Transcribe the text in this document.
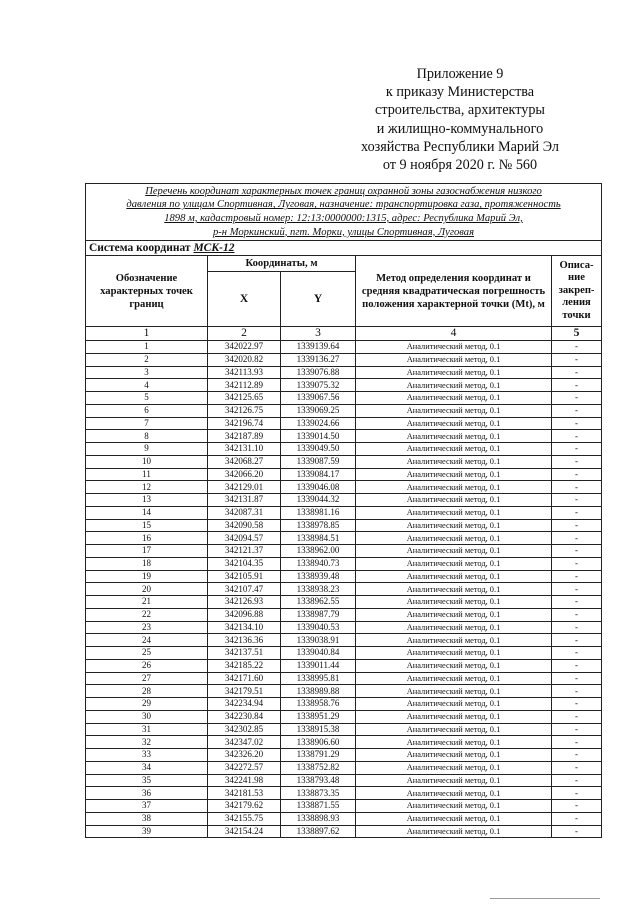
Приложение 9
к приказу Министерства
строительства, архитектуры
и жилищно-коммунального
хозяйства Республики Марий Эл
от 9 ноября 2020 г. № 560
Перечень координат характерных точек границ охранной зоны газоснабжения низкого
давления по улицам Спортивная, Луговая, назначение: транспортировка газа, протяженность
1898 м, кадастровый номер: 12:13:0000000:1315, адрес: Республика Марий Эл,
р-н Моркинский, пгт. Морки, улицы Спортивная, Луговая				

Система координат МСК-12				
Обозначение характерных точек границ	Координаты, м		Метод определения координат и средняя квадратическая погрешность положения характерной точки (Mt), м	Описа-
ние
закреп-
ления
точки

	X	Y		
1	2	3	4	5
1	342022.97	1339139.64	Аналитический метод, 0.1	-
2	342020.82	1339136.27	Аналитический метод, 0.1	-
3	342113.93	1339076.88	Аналитический метод, 0.1	-
4	342112.89	1339075.32	Аналитический метод, 0.1	-
5	342125.65	1339067.56	Аналитический метод, 0.1	-
6	342126.75	1339069.25	Аналитический метод, 0.1	-
7	342196.74	1339024.66	Аналитический метод, 0.1	-
8	342187.89	1339014.50	Аналитический метод, 0.1	-
9	342131.10	1339049.50	Аналитический метод, 0.1	-
10	342068.27	1339087.59	Аналитический метод, 0.1	-
11	342066.20	1339084.17	Аналитический метод, 0.1	-
12	342129.01	1339046.08	Аналитический метод, 0.1	-
13	342131.87	1339044.32	Аналитический метод, 0.1	-
14	342087.31	1338981.16	Аналитический метод, 0.1	-
15	342090.58	1338978.85	Аналитический метод, 0.1	-
16	342094.57	1338984.51	Аналитический метод, 0.1	-
17	342121.37	1338962.00	Аналитический метод, 0.1	-
18	342104.35	1338940.73	Аналитический метод, 0.1	-
19	342105.91	1338939.48	Аналитический метод, 0.1	-
20	342107.47	1338938.23	Аналитический метод, 0.1	-
21	342126.93	1338962.55	Аналитический метод, 0.1	-
22	342096.88	1338987.79	Аналитический метод, 0.1	-
23	342134.10	1339040.53	Аналитический метод, 0.1	-
24	342136.36	1339038.91	Аналитический метод, 0.1	-
25	342137.51	1339040.84	Аналитический метод, 0.1	-
26	342185.22	1339011.44	Аналитический метод, 0.1	-
27	342171.60	1338995.81	Аналитический метод, 0.1	-
28	342179.51	1338989.88	Аналитический метод, 0.1	-
29	342234.94	1338958.76	Аналитический метод, 0.1	-
30	342230.84	1338951.29	Аналитический метод, 0.1	-
31	342302.85	1338915.38	Аналитический метод, 0.1	-
32	342347.02	1338906.60	Аналитический метод, 0.1	-
33	342326.20	1338791.29	Аналитический метод, 0.1	-
34	342272.57	1338752.82	Аналитический метод, 0.1	-
35	342241.98	1338793.48	Аналитический метод, 0.1	-
36	342181.53	1338873.35	Аналитический метод, 0.1	-
37	342179.62	1338871.55	Аналитический метод, 0.1	-
38	342155.75	1338898.93	Аналитический метод, 0.1	-
39	342154.24	1338897.62	Аналитический метод, 0.1	-
